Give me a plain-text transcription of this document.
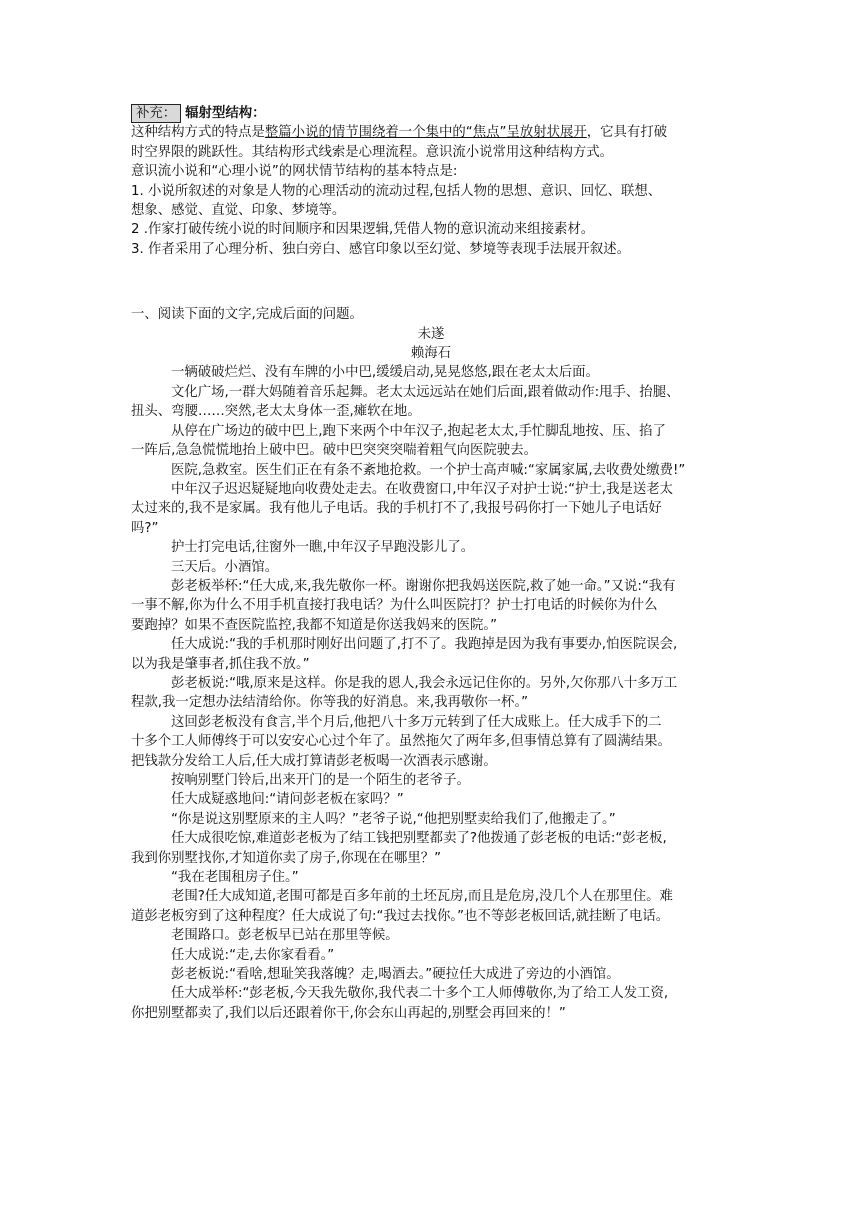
补充： 辐射型结构：
这种结构方式的特点是整篇小说的情节围绕着一个集中的“焦点”呈放射状展开，它具有打破
时空界限的跳跃性。其结构形式线索是心理流程。意识流小说常用这种结构方式。
意识流小说和“心理小说”的网状情节结构的基本特点是:
1. 小说所叙述的对象是人物的心理活动的流动过程,包括人物的思想、意识、回忆、联想、
想象、感觉、直觉、印象、梦境等。
2 .作家打破传统小说的时间顺序和因果逻辑,凭借人物的意识流动来组接素材。
3. 作者采用了心理分析、独白旁白、感官印象以至幻觉、梦境等表现手法展开叙述。
一、阅读下面的文字,完成后面的问题。
未遂
赖海石
一辆破破烂烂、没有车牌的小中巴,缓缓启动,晃晃悠悠,跟在老太太后面。
文化广场,一群大妈随着音乐起舞。老太太远远站在她们后面,跟着做动作:甩手、抬腿、
扭头、弯腰……突然,老太太身体一歪,瘫软在地。
从停在广场边的破中巴上,跑下来两个中年汉子,抱起老太太,手忙脚乱地按、压、掐了
一阵后,急急慌慌地抬上破中巴。破中巴突突突喘着粗气向医院驶去。
医院,急救室。医生们正在有条不紊地抢救。一个护士高声喊:“家属家属,去收费处缴费!”
中年汉子迟迟疑疑地向收费处走去。在收费窗口,中年汉子对护士说:“护士,我是送老太
太过来的,我不是家属。我有他儿子电话。我的手机打不了,我报号码你打一下她儿子电话好
吗?”
护士打完电话,往窗外一瞧,中年汉子早跑没影儿了。
三天后。小酒馆。
彭老板举杯:“任大成,来,我先敬你一杯。谢谢你把我妈送医院,救了她一命。”又说:“我有
一事不解,你为什么不用手机直接打我电话？为什么叫医院打？护士打电话的时候你为什么
要跑掉？如果不查医院监控,我都不知道是你送我妈来的医院。”
任大成说:“我的手机那时刚好出问题了,打不了。我跑掉是因为我有事要办,怕医院误会,
以为我是肇事者,抓住我不放。”
彭老板说:“哦,原来是这样。你是我的恩人,我会永远记住你的。另外,欠你那八十多万工
程款,我一定想办法结清给你。你等我的好消息。来,我再敬你一杯。”
这回彭老板没有食言,半个月后,他把八十多万元转到了任大成账上。任大成手下的二
十多个工人师傅终于可以安安心心过个年了。虽然拖欠了两年多,但事情总算有了圆满结果。
把钱款分发给工人后,任大成打算请彭老板喝一次酒表示感谢。
按响别墅门铃后,出来开门的是一个陌生的老爷子。
任大成疑惑地问:“请问彭老板在家吗？”
“你是说这别墅原来的主人吗？”老爷子说,“他把别墅卖给我们了,他搬走了。”
任大成很吃惊,难道彭老板为了结工钱把别墅都卖了?他拨通了彭老板的电话:“彭老板,
我到你别墅找你,才知道你卖了房子,你现在在哪里？”
“我在老围租房子住。”
老围?任大成知道,老围可都是百多年前的土坯瓦房,而且是危房,没几个人在那里住。难
道彭老板穷到了这种程度？任大成说了句:“我过去找你。”也不等彭老板回话,就挂断了电话。
老围路口。彭老板早已站在那里等候。
任大成说:“走,去你家看看。”
彭老板说:“看啥,想耻笑我落魄？走,喝酒去。”硬拉任大成进了旁边的小酒馆。
任大成举杯:“彭老板,今天我先敬你,我代表二十多个工人师傅敬你,为了给工人发工资,
你把别墅都卖了,我们以后还跟着你干,你会东山再起的,别墅会再回来的！”
